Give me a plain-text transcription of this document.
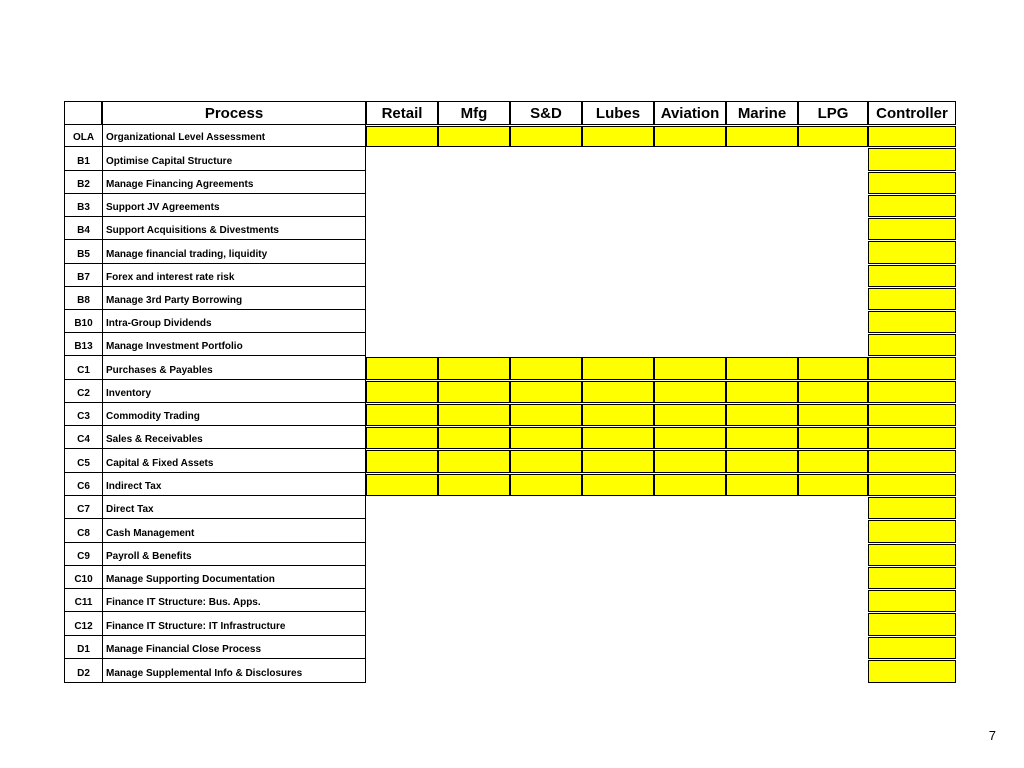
Process	Retail	Mfg	S&D	Lubes	Aviation	Marine	LPG	Controller
OLA	Organizational Level Assessment
B1	Optimise Capital Structure
B2	Manage Financing Agreements
B3	Support JV Agreements
B4	Support Acquisitions & Divestments
B5	Manage financial trading, liquidity
B7	Forex and interest rate risk
B8	Manage 3rd Party Borrowing
B10	Intra-Group Dividends
B13	Manage Investment Portfolio
C1	Purchases & Payables
C2	Inventory
C3	Commodity Trading
C4	Sales & Receivables
C5	Capital & Fixed Assets
C6	Indirect Tax
C7	Direct Tax
C8	Cash Management
C9	Payroll & Benefits
C10	Manage Supporting Documentation
C11	Finance IT Structure: Bus. Apps.
C12	Finance IT Structure: IT Infrastructure
D1	Manage Financial Close Process
D2	Manage Supplemental Info & Disclosures
7
